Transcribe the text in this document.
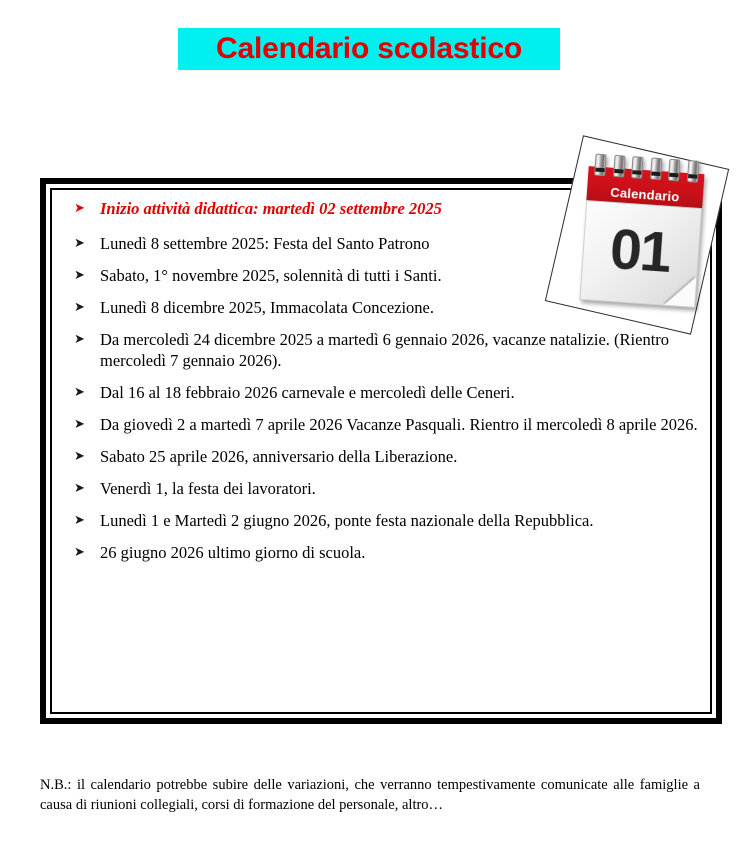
Calendario scolastico
➤ Inizio attività didattica: martedì 02 settembre 2025
➤ Lunedì 8 settembre 2025: Festa del Santo Patrono
➤ Sabato, 1° novembre 2025, solennità di tutti i Santi.
➤ Lunedì 8 dicembre 2025, Immacolata Concezione.
➤ Da mercoledì 24 dicembre 2025 a martedì 6 gennaio 2026, vacanze natalizie. (Rientro mercoledì 7 gennaio 2026).
➤ Dal 16 al 18 febbraio 2026 carnevale e mercoledì delle Ceneri.
➤ Da giovedì 2 a martedì 7 aprile 2026 Vacanze Pasquali. Rientro il mercoledì 8 aprile 2026.
➤ Sabato 25 aprile 2026, anniversario della Liberazione.
➤ Venerdì 1, la festa dei lavoratori.
➤ Lunedì 1 e Martedì 2 giugno 2026, ponte festa nazionale della Repubblica.
➤ 26 giugno 2026 ultimo giorno di scuola.
Calendario
01
N.B.: il calendario potrebbe subire delle variazioni, che verranno tempestivamente comunicate alle famiglie a causa di riunioni collegiali, corsi di formazione del personale, altro…
